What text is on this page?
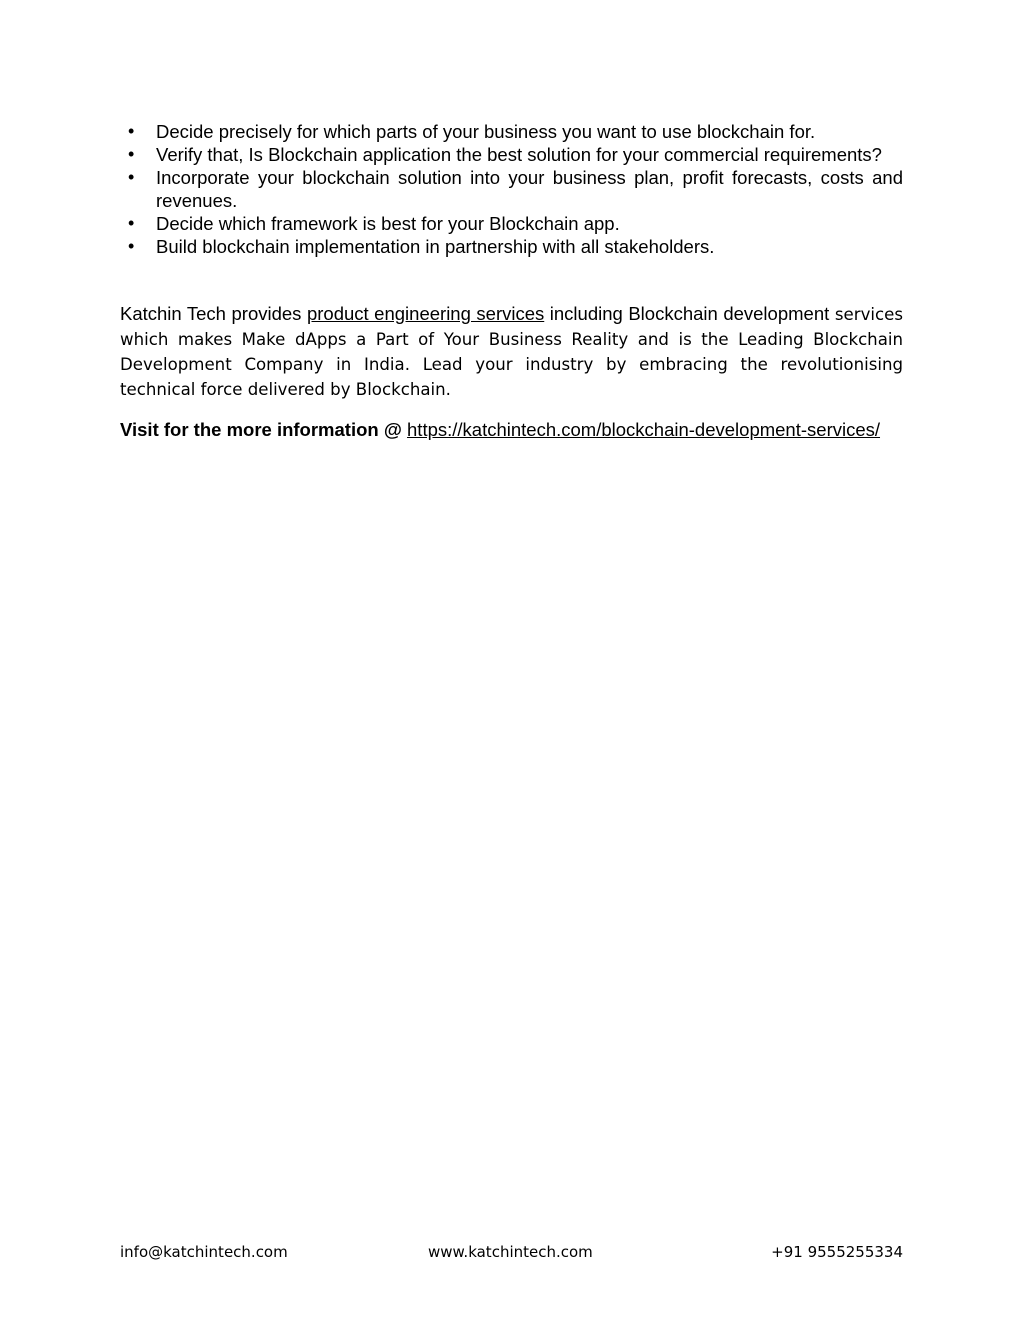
• Decide precisely for which parts of your business you want to use blockchain for.
• Verify that, Is Blockchain application the best solution for your commercial requirements?
• Incorporate your blockchain solution into your business plan, profit forecasts, costs and revenues.
• Decide which framework is best for your Blockchain app.
• Build blockchain implementation in partnership with all stakeholders.

Katchin Tech provides product engineering services including Blockchain development services which makes Make dApps a Part of Your Business Reality and is the Leading Blockchain Development Company in India. Lead your industry by embracing the revolutionising technical force delivered by Blockchain.

Visit for the more information @ https://katchintech.com/blockchain-development-services/

info@katchintech.com	www.katchintech.com	+91 9555255334
